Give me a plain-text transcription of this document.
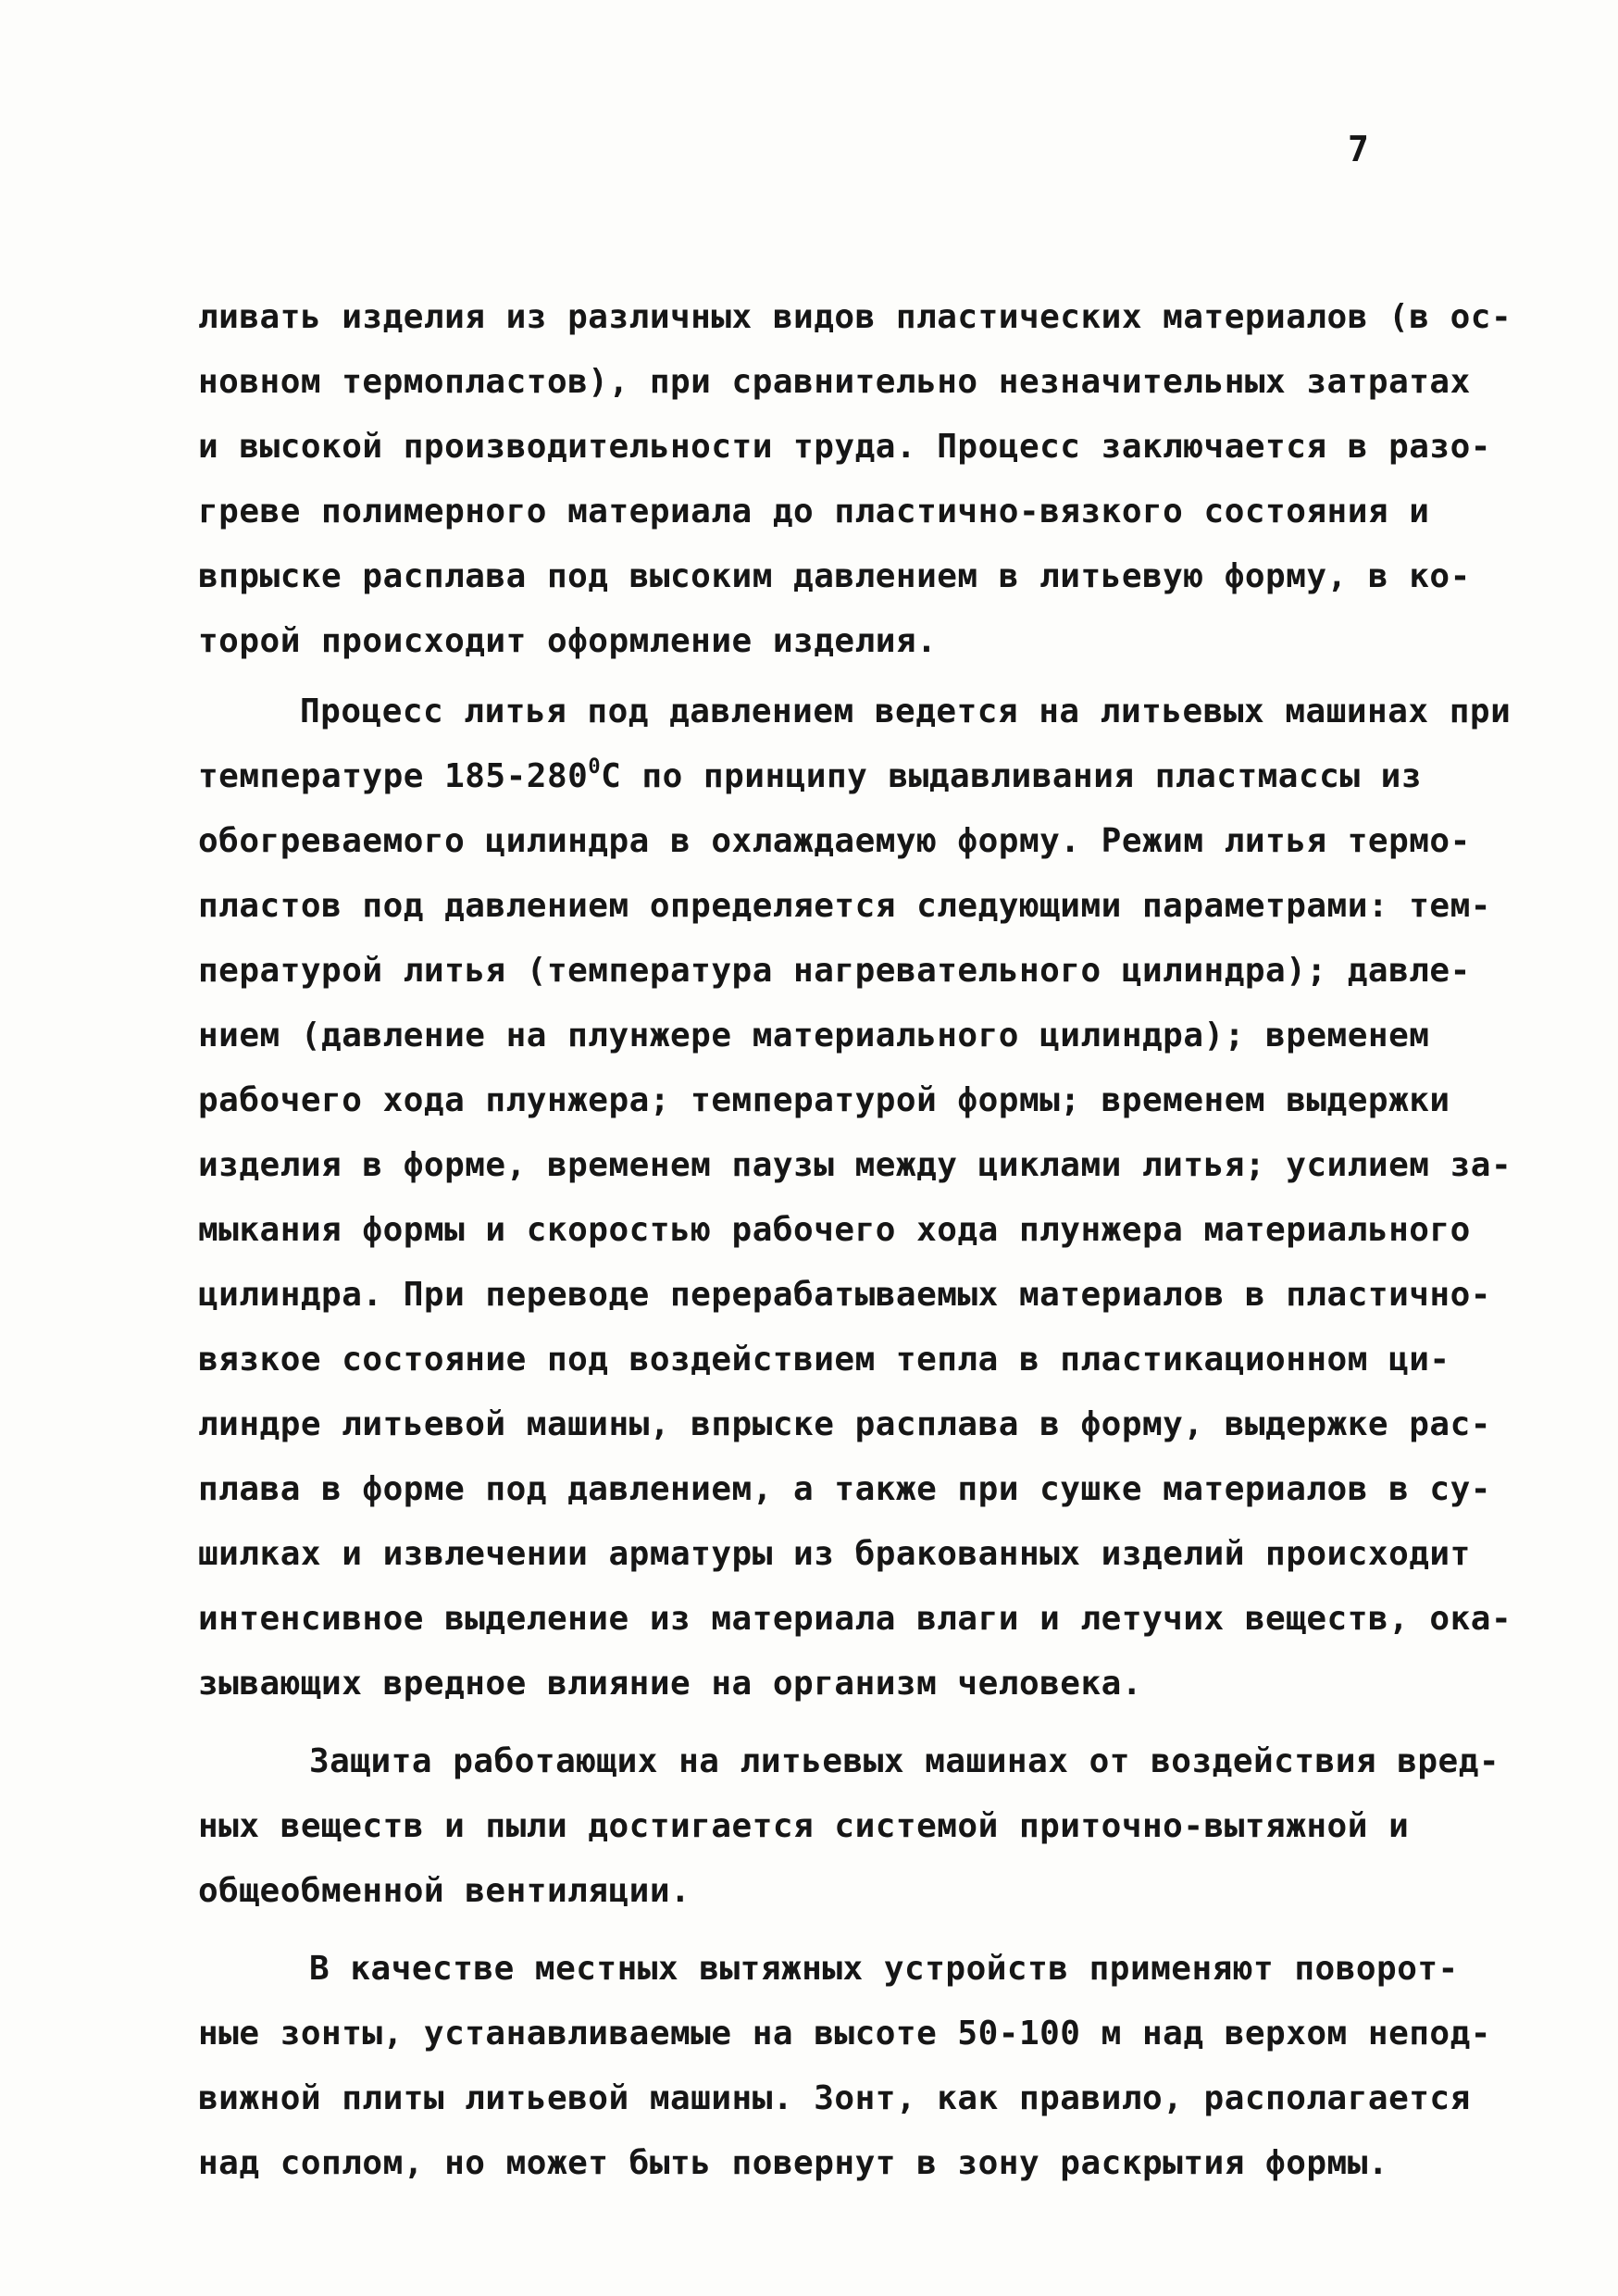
7
ливать изделия из различных видов пластических материалов (в ос-
новном термопластов), при сравнительно незначительных затратах
и высокой производительности труда. Процесс заключается в разо-
греве полимерного материала до пластично-вязкого состояния и
впрыске расплава под высоким давлением в литьевую форму, в ко-
торой происходит оформление изделия.
Процесс литья под давлением ведется на литьевых машинах при
температуре $185-280^0С$ по принципу выдавливания пластмассы из
обогреваемого цилиндра в охлаждаемую форму. Режим литья термо-
пластов под давлением определяется следующими параметрами: тем-
пературой литья (температура нагревательного цилиндра); давле-
нием (давление на плунжере материального цилиндра); временем
рабочего хода плунжера; температурой формы; временем выдержки
изделия в форме, временем паузы между циклами литья; усилием за-
мыкания формы и скоростью рабочего хода плунжера материального
цилиндра. При переводе перерабатываемых материалов в пластично-
вязкое состояние под воздействием тепла в пластикационном ци-
линдре литьевой машины, впрыске расплава в форму, выдержке рас-
плава в форме под давлением, а также при сушке материалов в су-
шилках и извлечении арматуры из бракованных изделий происходит
интенсивное выделение из материала влаги и летучих веществ, ока-
зывающих вредное влияние на организм человека.
Защита работающих на литьевых машинах от воздействия вред-
ных веществ и пыли достигается системой приточно-вытяжной и
общеобменной вентиляции.
В качестве местных вытяжных устройств применяют поворот-
ные зонты, устанавливаемые на высоте 50-100 м над верхом непод-
вижной плиты литьевой машины. Зонт, как правило, располагается
над соплом, но может быть повернут в зону раскрытия формы.
